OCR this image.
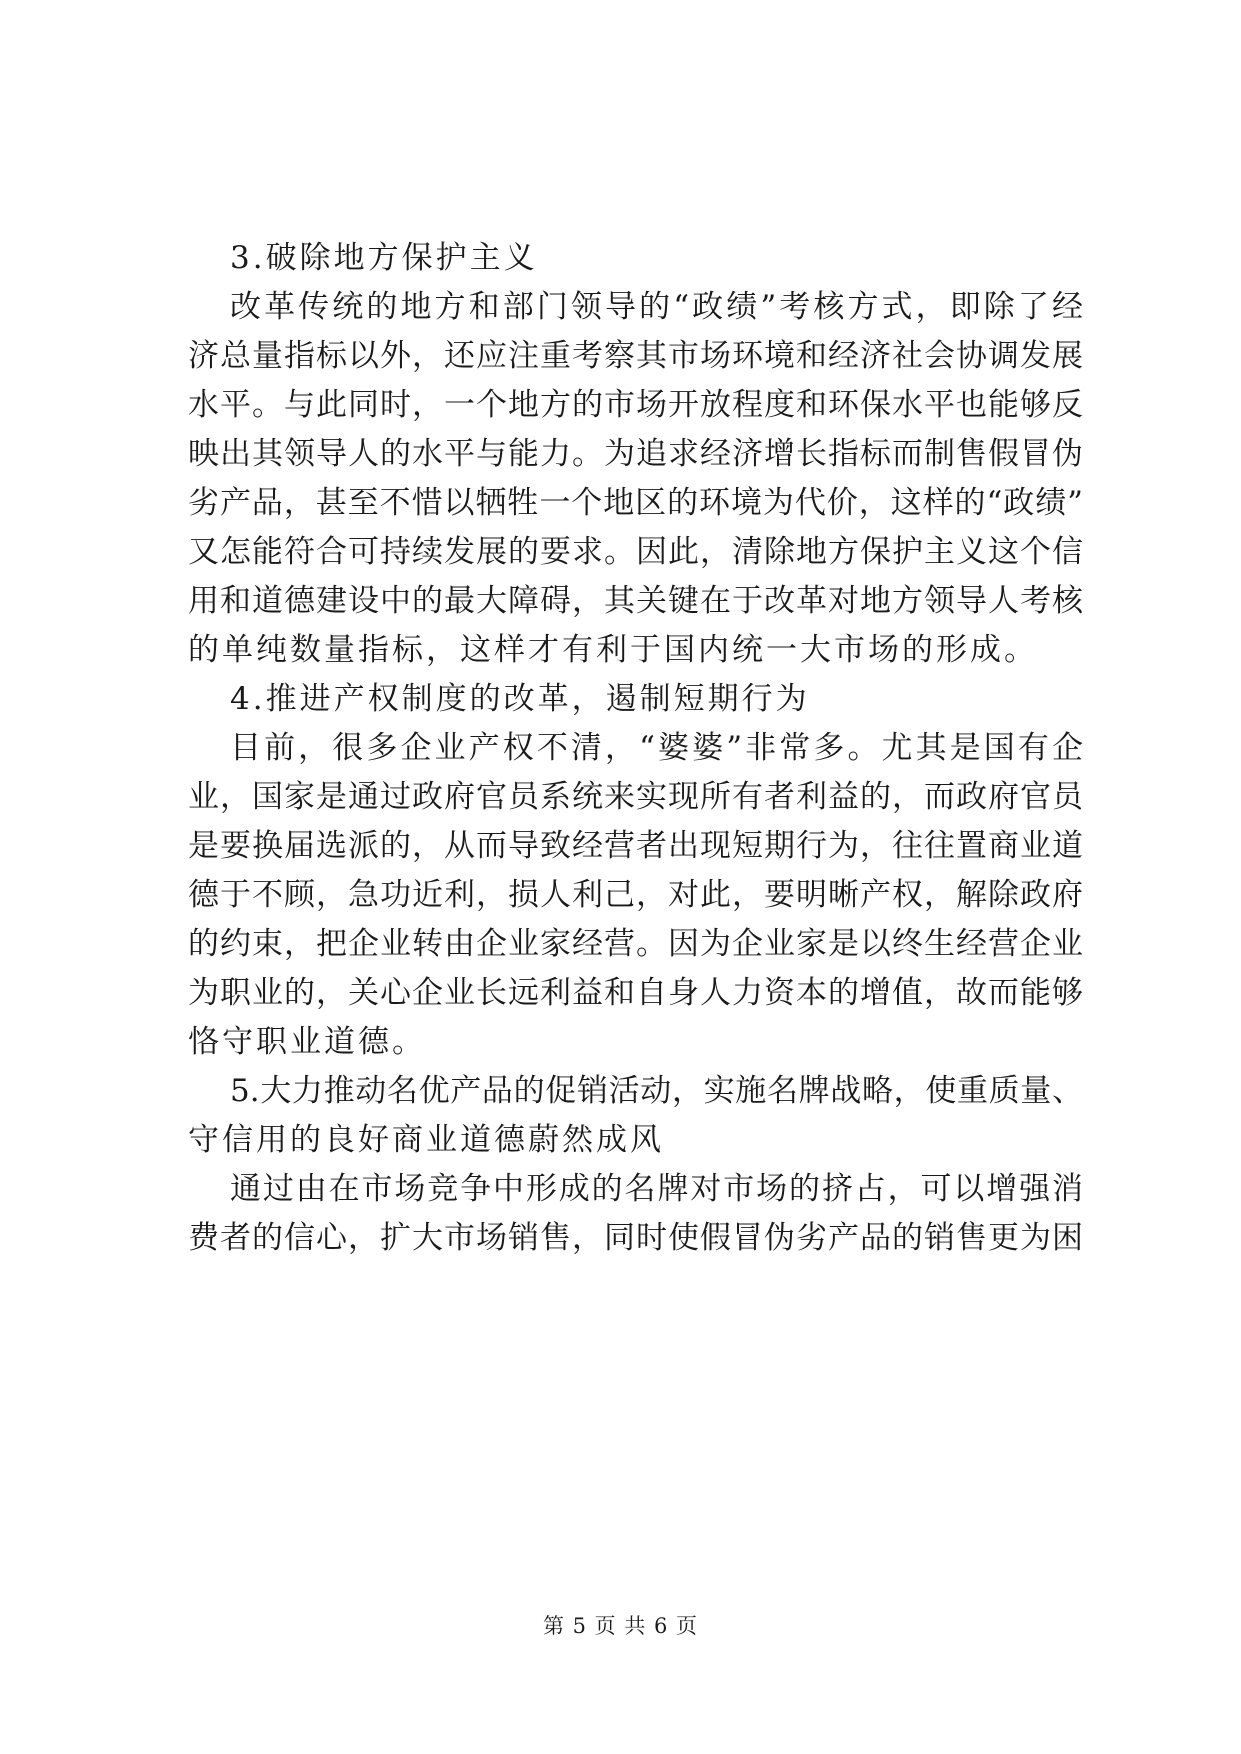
3.破除地方保护主义
改革传统的地方和部门领导的“政绩”考核方式，即除了经
济总量指标以外，还应注重考察其市场环境和经济社会协调发展
水平。与此同时，一个地方的市场开放程度和环保水平也能够反
映出其领导人的水平与能力。为追求经济增长指标而制售假冒伪
劣产品，甚至不惜以牺牲一个地区的环境为代价，这样的“政绩”
又怎能符合可持续发展的要求。因此，清除地方保护主义这个信
用和道德建设中的最大障碍，其关键在于改革对地方领导人考核
的单纯数量指标，这样才有利于国内统一大市场的形成。
4.推进产权制度的改革，遏制短期行为
目前，很多企业产权不清，“婆婆”非常多。尤其是国有企
业，国家是通过政府官员系统来实现所有者利益的，而政府官员
是要换届选派的，从而导致经营者出现短期行为，往往置商业道
德于不顾，急功近利，损人利己，对此，要明晰产权，解除政府
的约束，把企业转由企业家经营。因为企业家是以终生经营企业
为职业的，关心企业长远利益和自身人力资本的增值，故而能够
恪守职业道德。
5.大力推动名优产品的促销活动，实施名牌战略，使重质量、
守信用的良好商业道德蔚然成风
通过由在市场竞争中形成的名牌对市场的挤占，可以增强消
费者的信心，扩大市场销售，同时使假冒伪劣产品的销售更为困
第 5 页 共 6 页
